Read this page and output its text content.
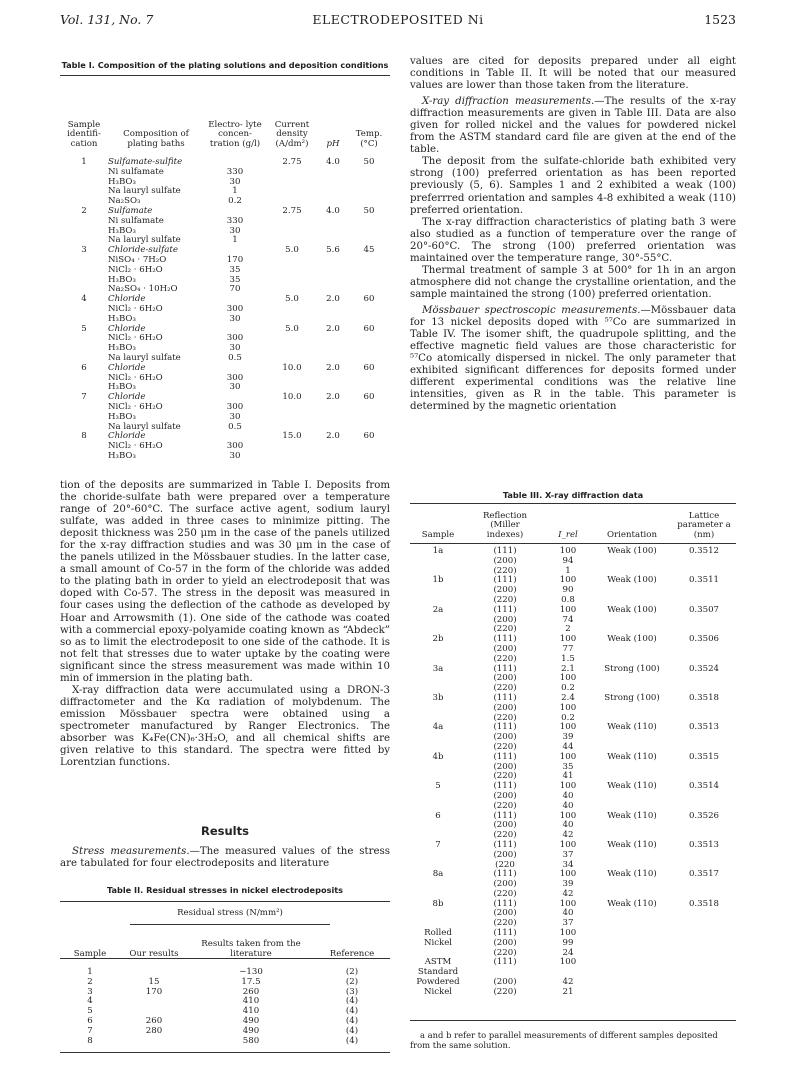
Vol. 131, No. 7	ELECTRODEPOSITED Ni	1523
Table I. Composition of the plating solutions and deposition conditions
Sample identifi- cation	Composition of plating baths	Electro- lyte concen- tration (g/l)	Current density (A/dm²)	pH	Temp. (°C)

1	Sulfamate-sulfite		2.75	4.0	50
	Ni sulfamate	330			
	H₃BO₃	30			
	Na lauryl sulfate	1			
	Na₂SO₃	0.2			
2	Sulfamate		2.75	4.0	50
	Ni sulfamate	330			
	H₃BO₃	30			
	Na lauryl sulfate	1			
3	Chloride-sulfate		5.0	5.6	45
	NiSO₄ · 7H₂O	170			
	NiCl₂ · 6H₂O	35			
	H₃BO₃	35			
	Na₂SO₄ · 10H₂O	70			
4	Chloride		5.0	2.0	60
	NiCl₂ · 6H₂O	300			
	H₃BO₃	30			
5	Chloride		5.0	2.0	60
	NiCl₂ · 6H₂O	300			
	H₃BO₃	30			
	Na lauryl sulfate	0.5			
6	Chloride		10.0	2.0	60
	NiCl₂ · 6H₂O	300			
	H₃BO₃	30			
7	Chloride		10.0	2.0	60
	NiCl₂ · 6H₂O	300			
	H₃BO₃	30			
	Na lauryl sulfate	0.5			
8	Chloride		15.0	2.0	60
	NiCl₂ · 6H₂O	300			
	H₃BO₃	30			

tion of the deposits are summarized in Table I. Deposits from the choride-sulfate bath were prepared over a temperature range of 20°-60°C. The surface active agent, sodium lauryl sulfate, was added in three cases to minimize pitting. The deposit thickness was 250 μm in the case of the panels utilized for the x-ray diffraction studies and was 30 μm in the case of the panels utilized in the Mössbauer studies. In the latter case, a small amount of Co-57 in the form of the chloride was added to the plating bath in order to yield an electrodeposit that was doped with Co-57. The stress in the deposit was measured in four cases using the deflection of the cathode as developed by Hoar and Arrowsmith (1). One side of the cathode was coated with a commercial epoxy-polyamide coating known as “Abdeck” so as to limit the electrodeposit to one side of the cathode. It is not felt that stresses due to water uptake by the coating were significant since the stress measurement was made within 10 min of immersion in the plating bath.

X-ray diffraction data were accumulated using a DRON-3 diffractometer and the Kα radiation of molybdenum. The emission Mössbauer spectra were obtained using a spectrometer manufactured by Ranger Electronics. The absorber was K₄Fe(CN)₆·3H₂O, and all chemical shifts are given relative to this standard. The spectra were fitted by Lorentzian functions.

Results

Stress measurements.—The measured values of the stress are tabulated for four electrodeposits and literature

Table II. Residual stresses in nickel electrodeposits
Residual stress (N/mm²)
Sample	Our results	Results taken from the literature	Reference

1		−130	(2)
2	15	17.5	(2)
3	170	260	(3)
4		410	(4)
5		410	(4)
6	260	490	(4)
7	280	490	(4)
8		580	(4)

values are cited for deposits prepared under all eight conditions in Table II. It will be noted that our measured values are lower than those taken from the literature.

X-ray diffraction measurements.—The results of the x-ray diffraction measurements are given in Table III. Data are also given for rolled nickel and the values for powdered nickel from the ASTM standard card file are given at the end of the table.

The deposit from the sulfate-chloride bath exhibited very strong (100) preferred orientation as has been reported previously (5, 6). Samples 1 and 2 exhibited a weak (100) preferrred orientation and samples 4-8 exhibited a weak (110) preferred orientation.

The x-ray diffraction characteristics of plating bath 3 were also studied as a function of temperature over the range of 20°-60°C. The strong (100) preferred orientation was maintained over the temperature range, 30°-55°C.

Thermal treatment of sample 3 at 500° for 1h in an argon atmosphere did not change the crystalline orientation, and the sample maintained the strong (100) preferred orientation.

Mössbauer spectroscopic measurements.—Mössbauer data for 13 nickel deposits doped with ⁵⁷Co are summarized in Table IV. The isomer shift, the quadrupole splitting, and the effective magnetic field values are those characteristic for ⁵⁷Co atomically dispersed in nickel. The only parameter that exhibited significant differences for deposits formed under different experimental conditions was the relative line intensities, given as R in the table. This parameter is determined by the magnetic orientation

Table III. X-ray diffraction data
Sample	Reflection (Miller indexes)	I_rel	Orientation	Lattice parameter a (nm)

1a	(111)	100	Weak (100)	0.3512
	(200)	94		
	(220)	1		
1b	(111)	100	Weak (100)	0.3511
	(200)	90		
	(220)	0.8		
2a	(111)	100	Weak (100)	0.3507
	(200)	74		
	(220)	2		
2b	(111)	100	Weak (100)	0.3506
	(200)	77		
	(220)	1.5		
3a	(111)	2.1	Strong (100)	0.3524
	(200)	100		
	(220)	0.2		
3b	(111)	2.4	Strong (100)	0.3518
	(200)	100		
	(220)	0.2		
4a	(111)	100	Weak (110)	0.3513
	(200)	39		
	(220)	44		
4b	(111)	100	Weak (110)	0.3515
	(200)	35		
	(220)	41		
5	(111)	100	Weak (110)	0.3514
	(200)	40		
	(220)	40		
6	(111)	100	Weak (110)	0.3526
	(200)	40		
	(220)	42		
7	(111)	100	Weak (110)	0.3513
	(200)	37		
	(220	34		
8a	(111)	100	Weak (110)	0.3517
	(200)	39		
	(220)	42		
8b	(111)	100	Weak (110)	0.3518
	(200)	40		
	(220)	37		
Rolled	(111)	100		
Nickel	(200)	99		
	(220)	24		
ASTM	(111)	100		
Standard				
Powdered	(200)	42		
Nickel	(220)	21		
a and b refer to parallel measurements of different samples deposited from the same solution.
